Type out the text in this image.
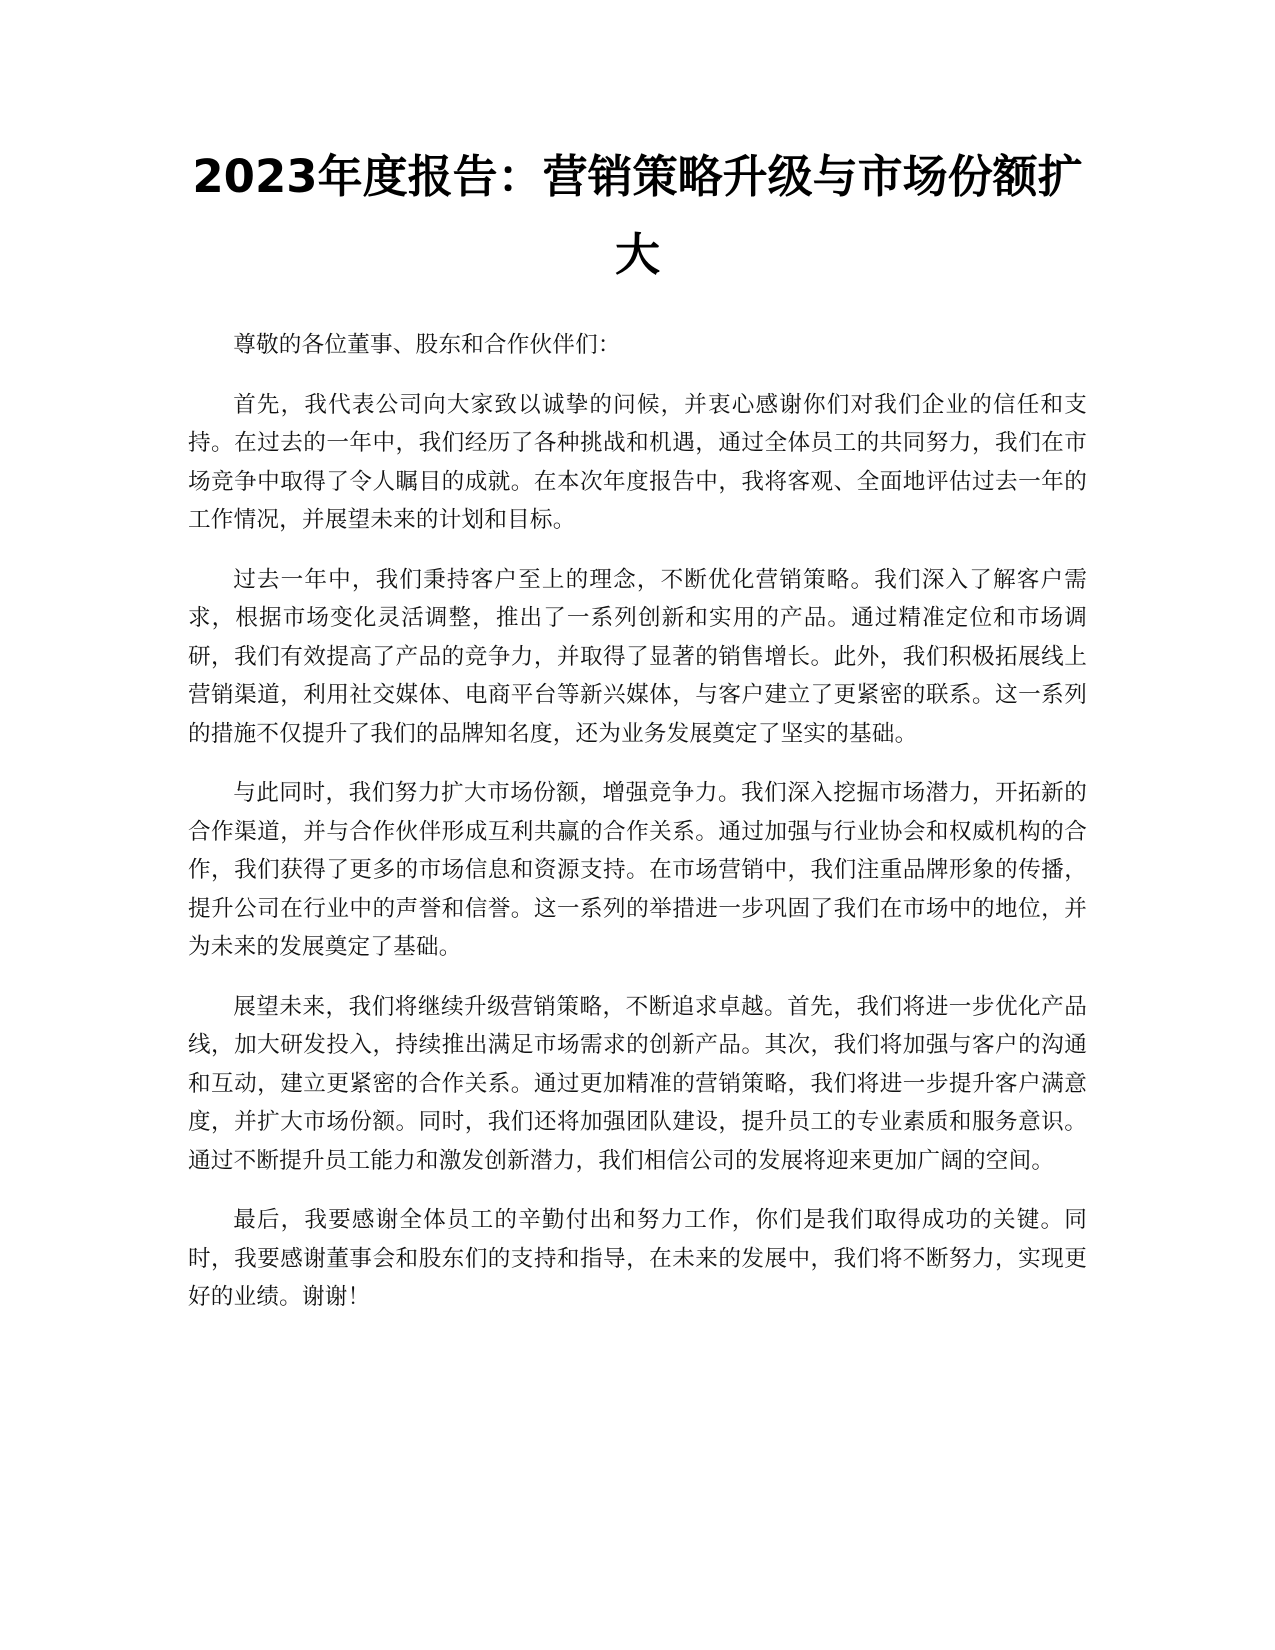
2023年度报告：营销策略升级与市场份额扩大

尊敬的各位董事、股东和合作伙伴们：

首先，我代表公司向大家致以诚挚的问候，并衷心感谢你们对我们企业的信任和支持。在过去的一年中，我们经历了各种挑战和机遇，通过全体员工的共同努力，我们在市场竞争中取得了令人瞩目的成就。在本次年度报告中，我将客观、全面地评估过去一年的工作情况，并展望未来的计划和目标。

过去一年中，我们秉持客户至上的理念，不断优化营销策略。我们深入了解客户需求，根据市场变化灵活调整，推出了一系列创新和实用的产品。通过精准定位和市场调研，我们有效提高了产品的竞争力，并取得了显著的销售增长。此外，我们积极拓展线上营销渠道，利用社交媒体、电商平台等新兴媒体，与客户建立了更紧密的联系。这一系列的措施不仅提升了我们的品牌知名度，还为业务发展奠定了坚实的基础。

与此同时，我们努力扩大市场份额，增强竞争力。我们深入挖掘市场潜力，开拓新的合作渠道，并与合作伙伴形成互利共赢的合作关系。通过加强与行业协会和权威机构的合作，我们获得了更多的市场信息和资源支持。在市场营销中，我们注重品牌形象的传播，提升公司在行业中的声誉和信誉。这一系列的举措进一步巩固了我们在市场中的地位，并为未来的发展奠定了基础。

展望未来，我们将继续升级营销策略，不断追求卓越。首先，我们将进一步优化产品线，加大研发投入，持续推出满足市场需求的创新产品。其次，我们将加强与客户的沟通和互动，建立更紧密的合作关系。通过更加精准的营销策略，我们将进一步提升客户满意度，并扩大市场份额。同时，我们还将加强团队建设，提升员工的专业素质和服务意识。通过不断提升员工能力和激发创新潜力，我们相信公司的发展将迎来更加广阔的空间。

最后，我要感谢全体员工的辛勤付出和努力工作，你们是我们取得成功的关键。同时，我要感谢董事会和股东们的支持和指导，在未来的发展中，我们将不断努力，实现更好的业绩。谢谢！
